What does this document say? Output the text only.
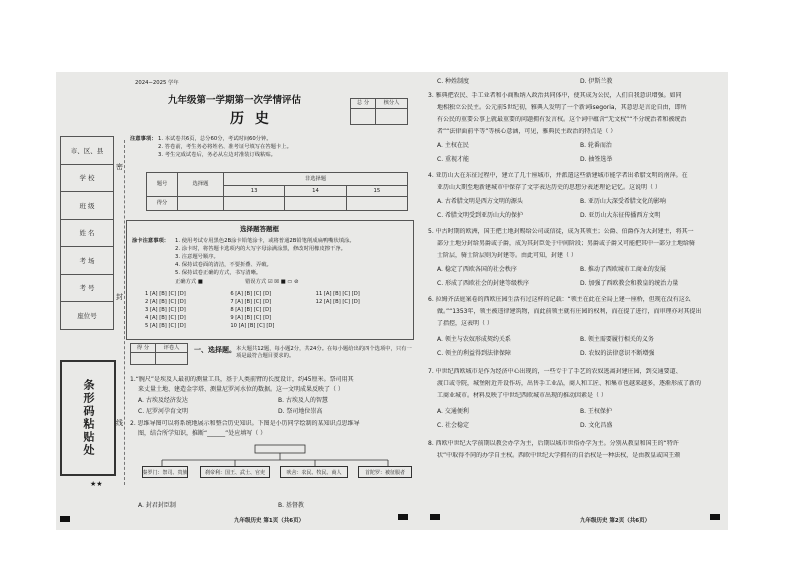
2024−2025 学年
九年级第一学期第一次学情评估
历 史
总 分	核分人

市、区、县
学 校
班 级
姓 名
考 场
考 号
座位号
条形码粘贴处
★★
密
封
线
注意事项： 1. 本试卷共6页，总分60分，考试时间60分钟。
2. 答卷前，考生务必将姓名、准考证号填写在答题卡上。
3. 考生完成试卷后，务必从左边对准装订线粘贴。
题号	选择题	非选择题		
		13	14	15
得分				
选择题答题框
涂卡注意事项： 1. 使用考试专用黑色2B涂卡铅笔涂卡，或将普通2B铅笔削成扁鸭嘴状填涂。
2. 涂卡时，将答题卡选项内的大写字母涂满涂黑，修改时用橡皮擦干净。
3. 注意题号顺序。
4. 保持试卷面的清洁，不要折叠、弄破。
5. 保持试卷正确的方式，书写清晰。
正确方式 ■	错误方式 ☑ ☒ ■ ▭ ⊘
1 [A] [B] [C] [D]	6 [A] [B] [C] [D]	11 [A] [B] [C] [D]
2 [A] [B] [C] [D]	7 [A] [B] [C] [D]	12 [A] [B] [C] [D]
3 [A] [B] [C] [D]	8 [A] [B] [C] [D]
4 [A] [B] [C] [D]	9 [A] [B] [C] [D]
5 [A] [B] [C] [D]	10 [A] [B] [C] [D]
得 分	评卷人
	一、选择题。 本大题共12题，每小题2分，共24分。在每小题给出的四个选项中，只有一项是最符合题目要求的。
1.“腕尺”是埃及人最初的测量工具，基于人类前臂的长度设计，约45厘米。祭司用其
来丈量土地、建造金字塔、测量尼罗河水位的数据。这一文明成果反映了（ ）
A. 古埃及经济发达	B. 古埃及人的智慧
C. 尼罗河孕育文明	D. 祭司地位崇高
2. 思维导图可以将系统地展示和整合历史知识。下图是小历同学绘制的某知识点思维导
图，结合所学知识，推断“______”处应填写（ ）
秦罗门：祭司、贵族	刹帝利：国王、武士、官吏	吠舍：农民、牧民、商人	首陀罗：被征服者
A. 封君封臣制	B. 基督教
九年级历史 第1页（共6页）
C. 种姓制度	D. 伊斯兰教
3. 雅典把农民、手工业者和小商贩纳入政治共同体中，使其成为公民，人们自我意识增强。如同
地相独立公民主。公元前5世纪初，雅典人发明了一个新词isegoria，其意思是言论自由，即所
有公民的重要公事上就最重要的问题拥有发言权。这个词中蕴含“无文权”“不分统治者和被统治
者”“法律面前平等”等核心意涵，可见，雅典民主政治的特点是（ ）
A. 主权在民	B. 轮番而治
C. 重视才能	D. 抽签选举
4. 亚历山大在东征过程中，建立了几十座城市，并派遣这些新建城市能学者出希腊文明的南萍。在
亚历山大期至地新建城市中保存了文字表达历史的思想分表述理论记忆。这说明（ ）
A. 古希腊文明是西方文明的源头	B. 亚历山大深受希腊文化的影响
C. 希腊文明受到亚历山大的保护	D. 亚历山大东征传播西方文明
5. 中古时期的欧洲，国王把土地封赐给公司或信徒，成为其领主；公爵、伯爵作为大封建主，将其一
部分土地分封给男爵或子爵，成为其封臣处于中间阶段；男爵或子爵又可能把其中一部分土地给骑
士阶层，骑士阶层则为封建等。由此可知，封建（ ）
A. 稳定了西欧各国的社会秩序	B. 推动了西欧城市工商业的发展
C. 形成了西欧社会的封建等级秩序	D. 加强了西欧教会和教皇的统治力量
6. 拉姆齐法庭案卷的西欧庄园生活有过这样的记载：“领主在此在全局上建一座桥，但现在没有这么
做。”“1353年，领主被违律建筑物，而此前领主就有庄园的权利，而在提了进行，而审理亦对其提出
了指控，这表明（ ）
A. 领主与农奴形成契约关系	B. 领主需要履行相关的义务
C. 领主的利益得到法律保障	D. 农奴的法律意识不断增强
7. 中世纪西欧城市是作为经济中心出现的，一些专于了手艺的农奴逃离封建庄园，到交通要道、
渡口或寺院，城堡附近开设作坊，出售手工业品，商人和工匠、和集市也越来越多，逐渐形成了新的
工商业城市。材料反映了中世纪西欧城市出现的推动因素是（ ）
A. 交通便利	B. 王权保护
C. 社会稳定	D. 文化昌盛
8. 西欧中世纪大学前期以教会办学为主，后期以城市世俗办学为主。分别从教皇和国王的“特许
状”中取得不同的办学自主权。西欧中世纪大学拥有的自治权是一种法权，是由教皇或国王颁
九年级历史 第2页（共6页）
